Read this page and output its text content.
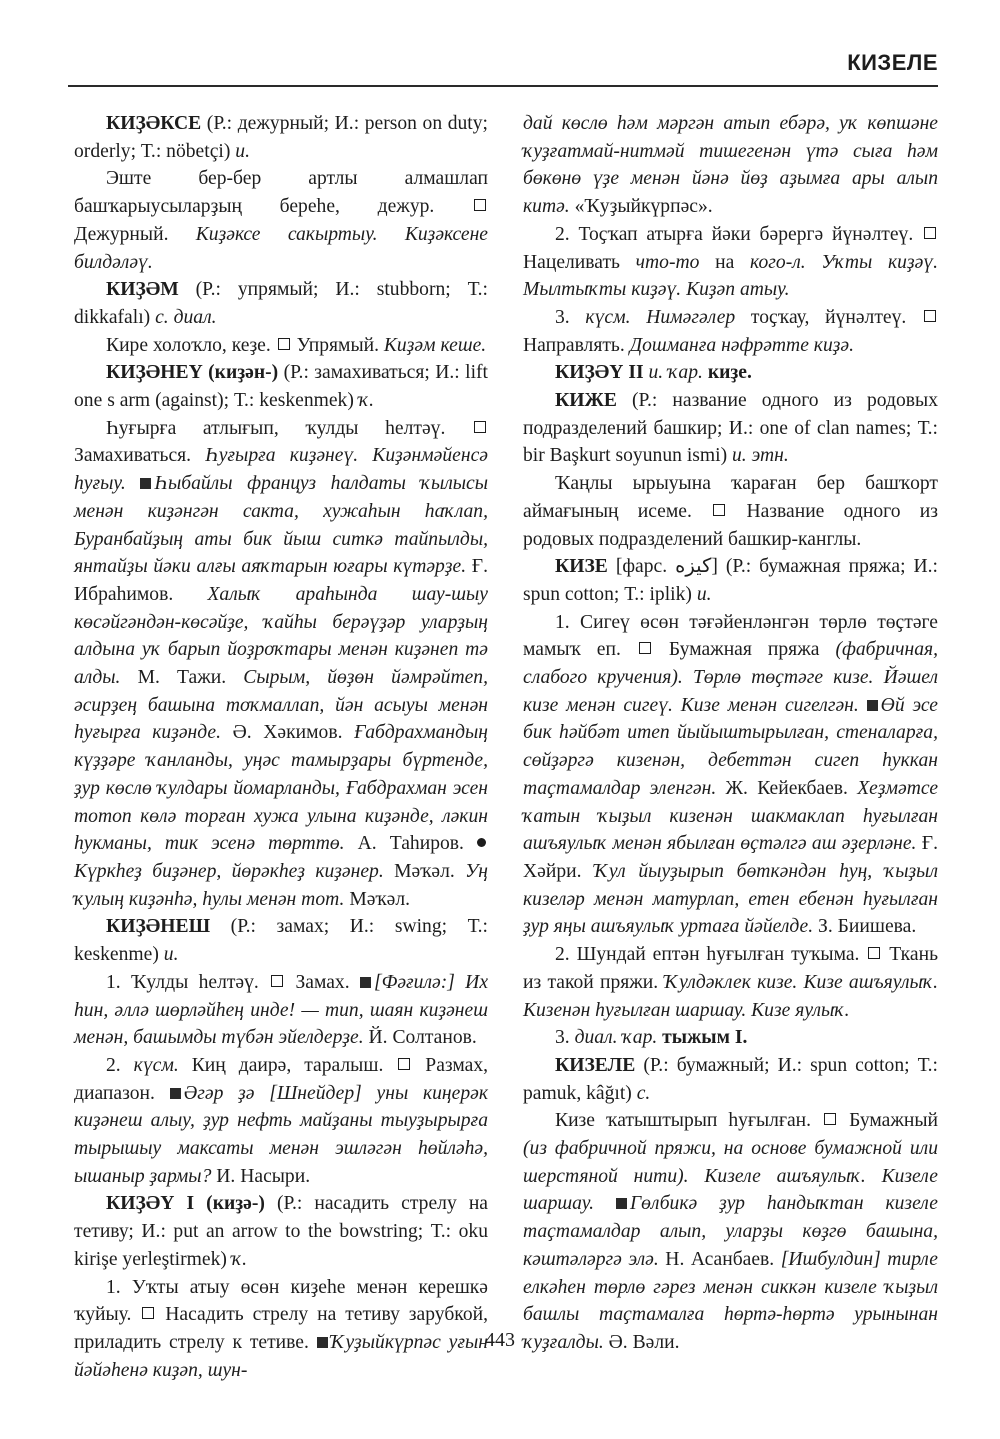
КИЗЕЛЕ

КИҘӘКСЕ (Р.: дежурный; И.: person on duty; orderly; Т.: nöbetçi) и.

Эште бер-бер артлы алмашлап башҡарыусыларҙың береһе, дежур.  Дежурный. Киҙәксе сакыртыу. Киҙәксене билдәләү.

КИҘӘМ (Р.: упрямый; И.: stubborn; Т.: dikkafalı) с. диал.

Кире холоҡло, кеҙе.  Упрямый. Киҙәм кеше.

КИҘӘНЕҮ (киҙән-) (Р.: замахиваться; И.: lift one s arm (against); Т.: keskenmek) ҡ.

Һуғырға атлығып, ҡулды һелтәү.  Замахиваться. Һуғырға киҙәнеү. Киҙәнмәйенсә һуғыу. Һыбайлы француз һалдаты ҡылысы менән киҙәнгән сакта, хужаһын һаҡлап, Буранбайҙың аты бик йыш ситкә тайпылды, янтайҙы йәки алғы аяҡтарын юғары күтәрҙе. Ғ. Ибраһимов. Халыҡ араһында шау-шыу көсәйгәндән-көсәйҙе, ҡайһы берәүҙәр уларҙың алдына уҡ барып йоҙроҡтары менән киҙәнеп тә алды. М. Тажи. Сырым, йөҙөн йәмрәйтеп, әсирҙең башына тоҡмаллап, йән асыуы менән һуғырға киҙәнде. Ә. Хәкимов. Ғабдрахмандың күҙҙәре ҡанланды, уңәс тамырҙары бүртенде, ҙур көслө ҡулдары йомарланды, Ғабдрахман эсен тотоп көлә торған хужа улына киҙәнде, ләкин һукманы, тик эсенә төрттө. А. Таһиров. Күркһеҙ биҙәнер, йөрәкһеҙ киҙәнер. Мәҡәл. Уң ҡулың киҙәнһә, һулы менән тот. Мәҡәл.

КИҘӘНЕШ (Р.: замах; И.: swing; Т.: keskenme) и.

1. Ҡулды һелтәү.  Замах. [Фәғилә:] Их һин, әллә шөрләйһең инде! — тип, шаян киҙәнеш менән, башымды түбән эйелдерҙе. Й. Солтанов.

2. күсм. Киң даирә, таралыш.  Размах, диапазон. Әгәр ҙә [Шнейдер] уны киңерәк киҙәнеш алыу, ҙур нефть майҙаны тыуҙырырға тырышыу максаты менән эшләгән һөйләһә, ышаныр ҙармы? И. Насыри.

КИҘӘҮ I (киҙә-) (Р.: насадить стрелу на тетиву; И.: put an arrow to the bowstring; Т.: oku kirişe yerleştirmek) ҡ.

1. Уҡты атыу өсөн киҙеһе менән керешкә ҡуйыу.  Насадить стрелу на тетиву зарубкой, приладить стрелу к тетиве. Ҡуҙыйкүрпәс уғын йәйәһенә киҙәп, шун-

дай көслө һәм мәргән атып ебәрә, уҡ көпшәне ҡуҙғатмай-нитмәй тишегенән үтә сыға һәм бөкөнө үҙе менән йәнә йөҙ аҙымға ары алып китә. «Ҡуҙыйкүрпәс».

2. Тоҫҡап атырға йәки бәрергә йүнәлтеү.  Нацеливать что-то на кого-л. Уҡты киҙәү. Мылтыҡты киҙәү. Киҙәп атыу.

3. күсм. Нимәгәлер тоҫҡау, йүнәлтеү.  Направлять. Дошманға нәфрәтте киҙә.

КИҘӘҮ II и. ҡар. киҙе.

КИЖЕ (Р.: название одного из родовых подразделений башкир; И.: one of clan names; Т.: bir Başkurt soyunun ismi) и. этн.

Ҡаңлы ырыуына ҡараған бер башҡорт аймағының исеме.  Название одного из родовых подразделений башкир-канглы.

КИЗЕ [фарс. کیزه] (Р.: бумажная пряжа; И.: spun cotton; Т.: iplik) и.

1. Сигеү өсөн тәғәйенләнгән төрлө төҫтәге мамыҡ еп.  Бумажная пряжа (фабричная, слабого кручения). Төрлө төҫтәге кизе. Йәшел кизе менән сигеү. Кизе менән сигелгән. Өй эсе бик һәйбәт итеп йыйыштырылған, стеналарға, сөйҙәргә кизенән, дебеттән сигеп һуккан таҫтамалдар эленгән. Ж. Кейекбаев. Хеҙмәтсе ҡатын ҡыҙыл кизенән шакмаклап һуғылған ашъяулыҡ менән ябылған өҫтәлгә аш әҙерләне. Ғ. Хәйри. Ҡул йыуҙырып бөткәндән һуң, ҡыҙыл кизеләр менән матурлап, етен ебенән һуғылған ҙур яңы ашъяулыҡ уртаға йәйелде. З. Биишева.

2. Шундай ептән һуғылған туҡыма.  Ткань из такой пряжи. Ҡулдәклек кизе. Кизе ашъяулыҡ. Кизенән һуғылған шаршау. Кизе яулыҡ.

3. диал. ҡар. тыжым I.

КИЗЕЛЕ (Р.: бумажный; И.: spun cotton; Т.: pamuk, kâğıt) с.

Кизе ҡатыштырып һуғылған.  Бумажный (из фабричной пряжи, на основе бумажной или шерстяной нити). Кизеле ашъяулыҡ. Кизеле шаршау. Гөлбикә ҙур һандыҡтан кизеле таҫтамалдар алып, уларҙы көҙгө башына, кәштәләргә элә. Н. Асанбаев. [Ишбулдин] тирле елкәһен төрлө гәрез менән сиккән кизеле ҡыҙыл башлы таҫтамалға һөртә-һөртә урынынан ҡуҙғалды. Ә. Вәли.

443
